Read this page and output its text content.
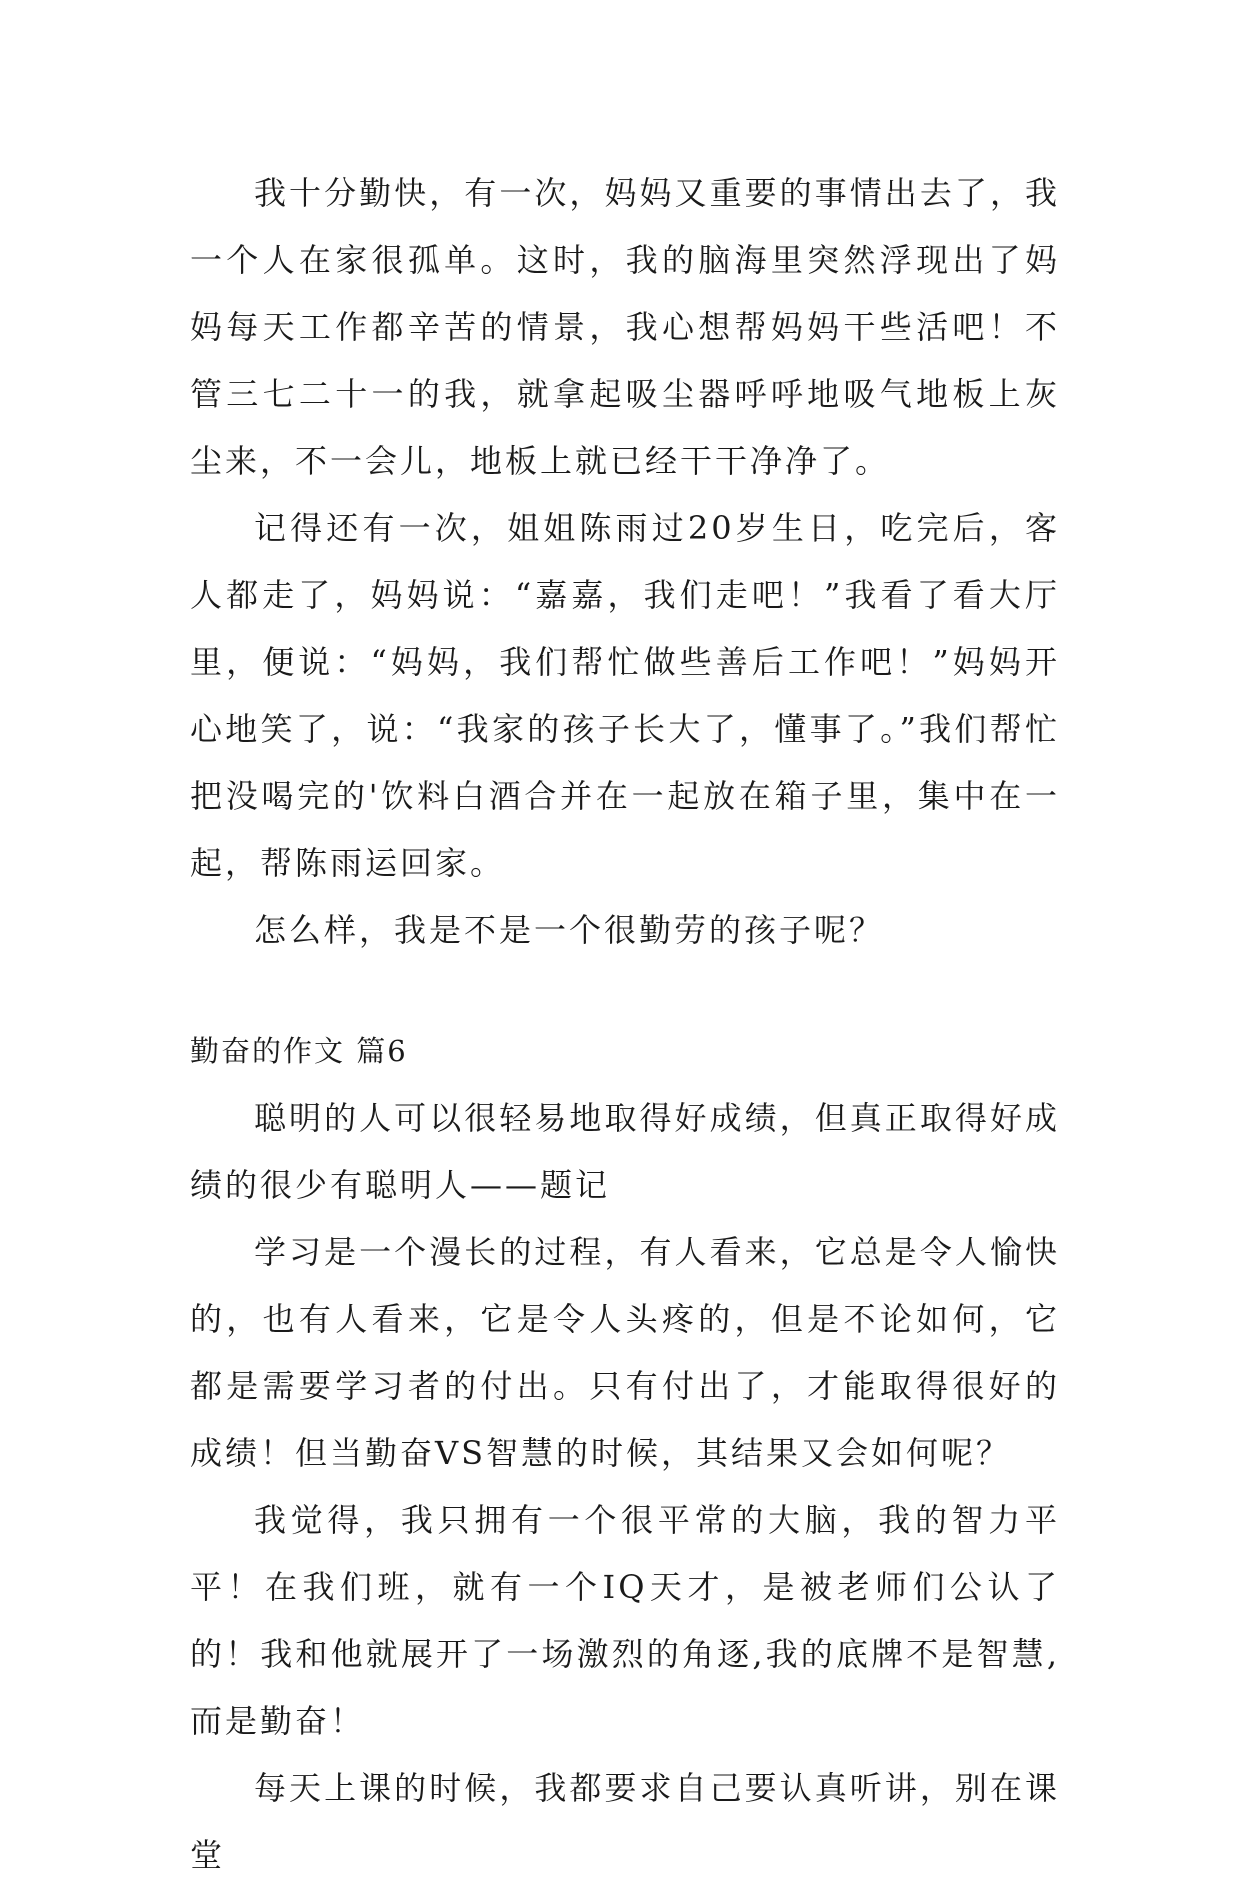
我十分勤快，有一次，妈妈又重要的事情出去了，我一个人在家很孤单。这时，我的脑海里突然浮现出了妈妈每天工作都辛苦的情景，我心想帮妈妈干些活吧！不管三七二十一的我，就拿起吸尘器呼呼地吸气地板上灰尘来，不一会儿，地板上就已经干干净净了。

记得还有一次，姐姐陈雨过20岁生日，吃完后，客人都走了，妈妈说：“嘉嘉，我们走吧！”我看了看大厅里，便说：“妈妈，我们帮忙做些善后工作吧！”妈妈开心地笑了，说：“我家的孩子长大了，懂事了。”我们帮忙把没喝完的'饮料白酒合并在一起放在箱子里，集中在一起，帮陈雨运回家。

怎么样，我是不是一个很勤劳的孩子呢？

勤奋的作文 篇6

聪明的人可以很轻易地取得好成绩，但真正取得好成绩的很少有聪明人——题记

学习是一个漫长的过程，有人看来，它总是令人愉快的，也有人看来，它是令人头疼的，但是不论如何，它都是需要学习者的付出。只有付出了，才能取得很好的成绩！但当勤奋VS智慧的时候，其结果又会如何呢？

我觉得，我只拥有一个很平常的大脑，我的智力平平！在我们班，就有一个IQ天才，是被老师们公认了的！我和他就展开了一场激烈的角逐,我的底牌不是智慧,而是勤奋！

每天上课的时候，我都要求自己要认真听讲，别在课堂
